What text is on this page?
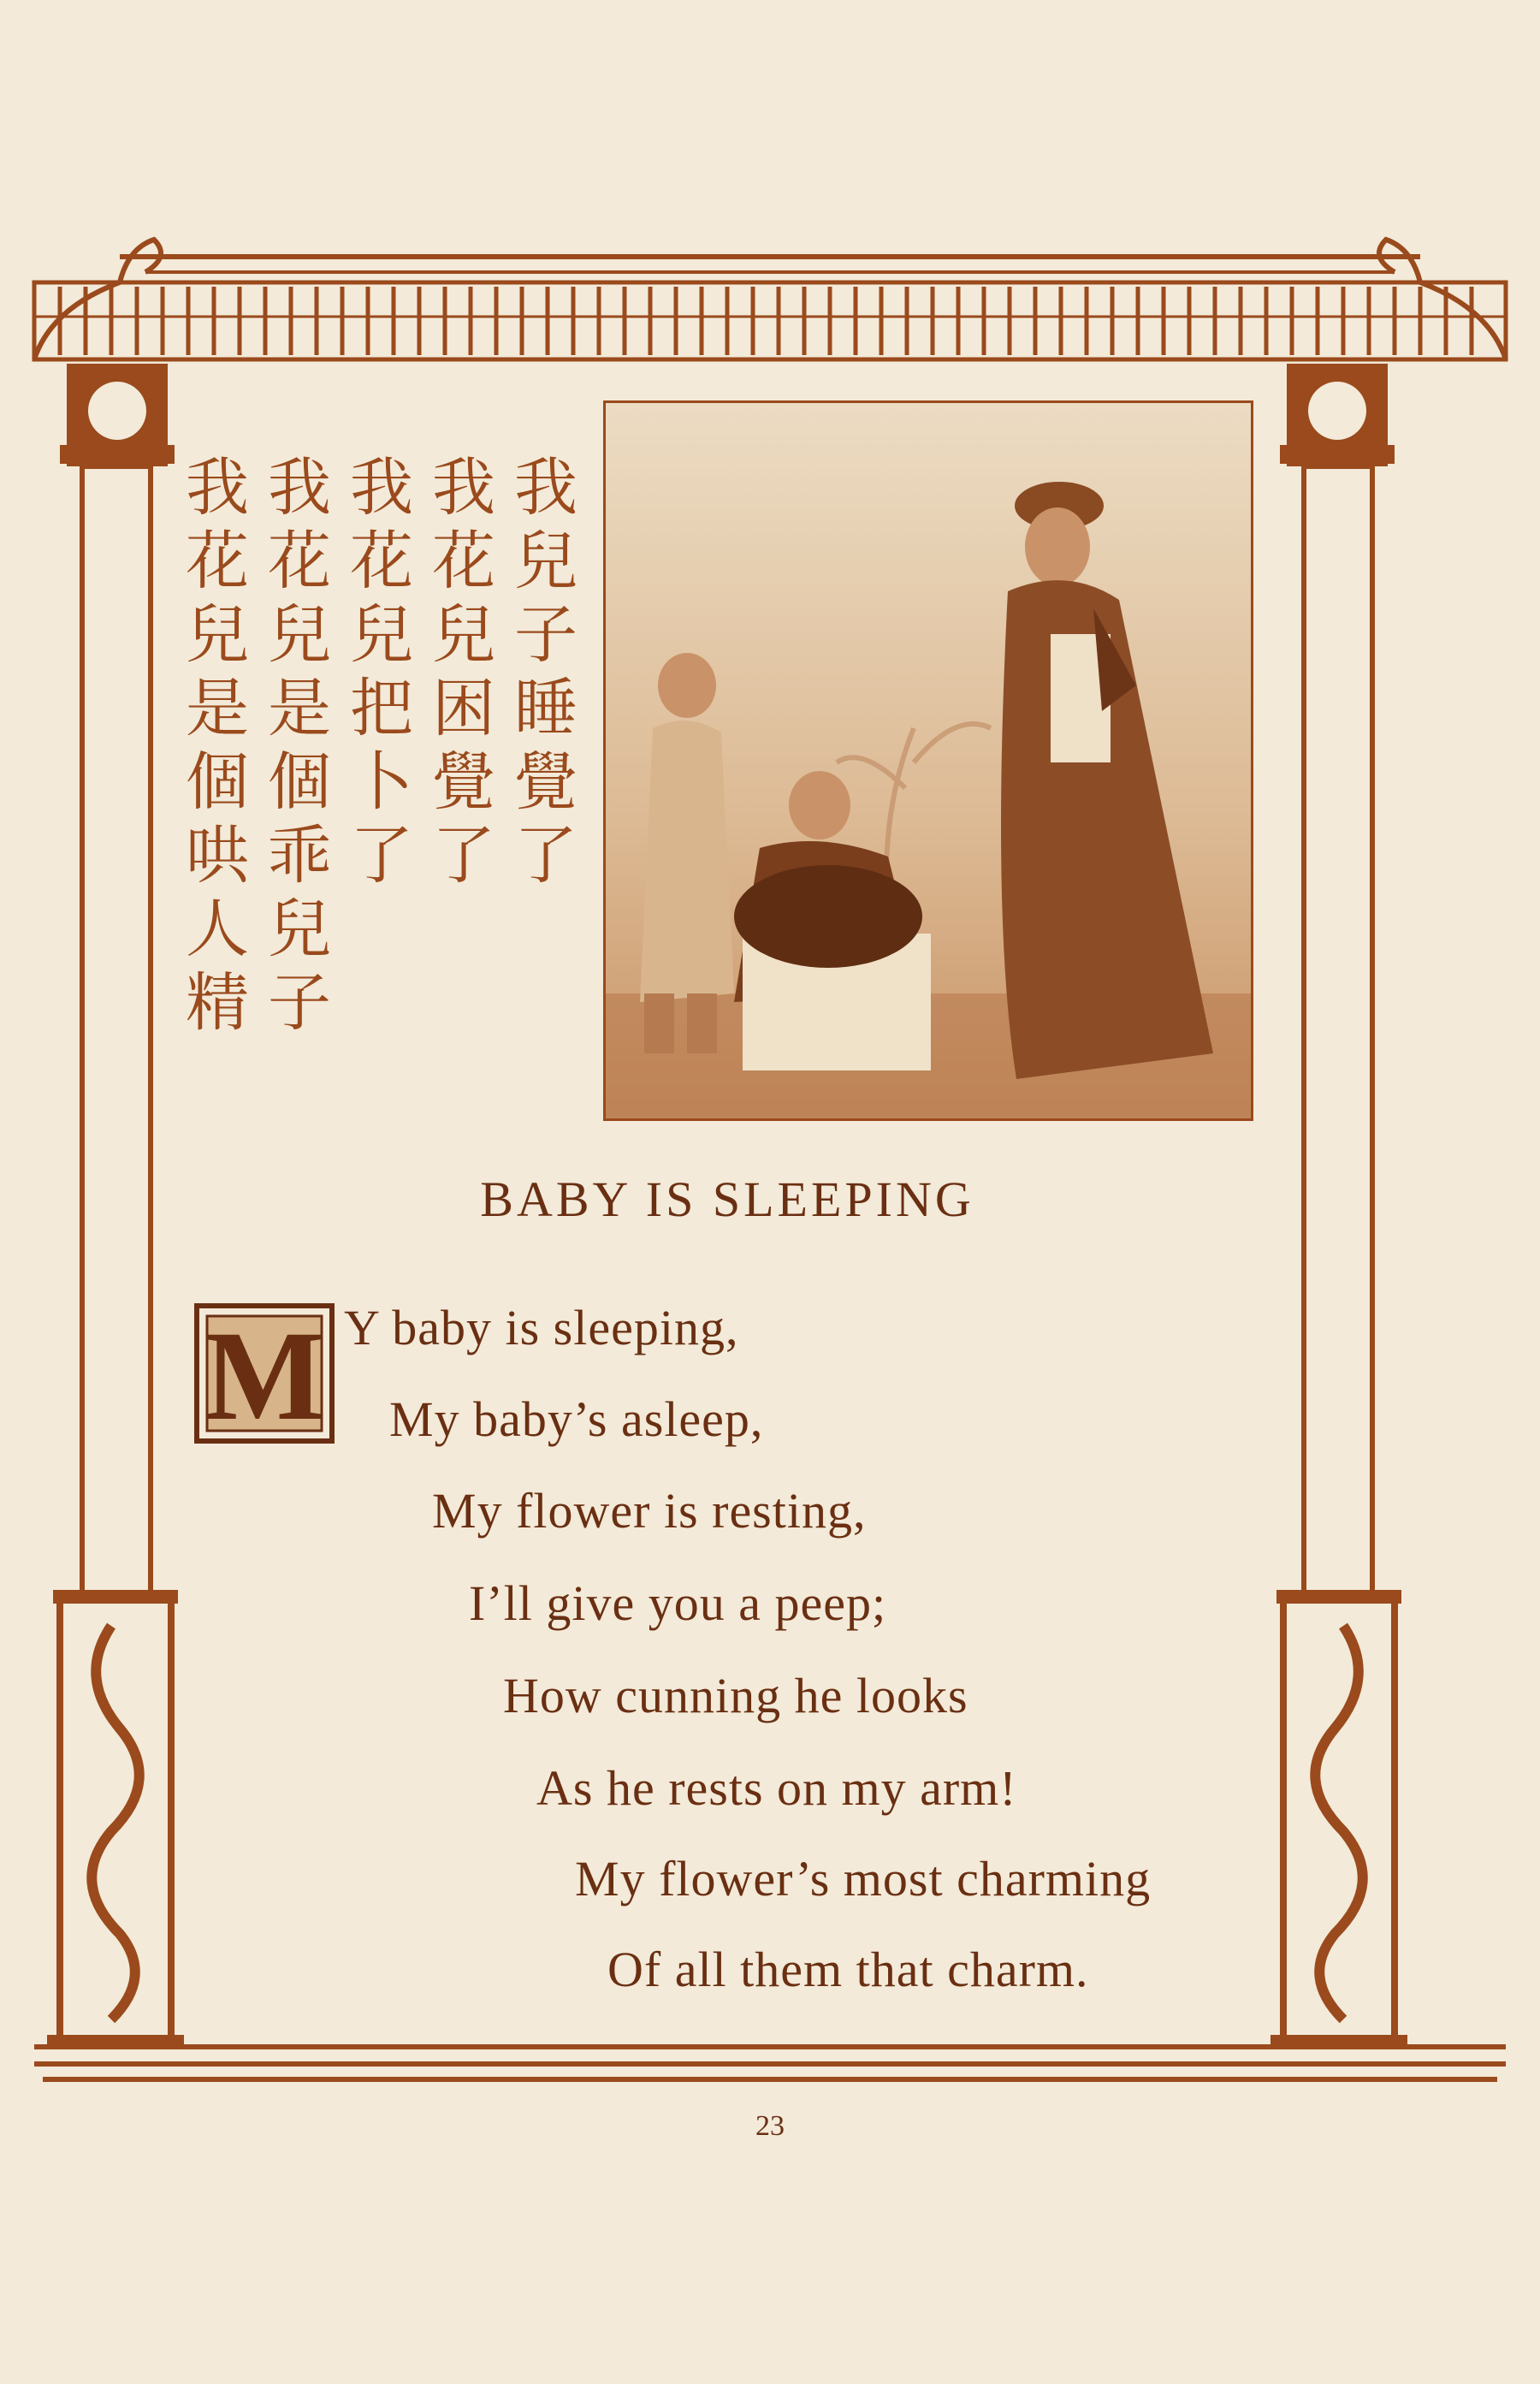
我兒子睡覺了

我花兒困覺了

我花兒把卜了

我花兒是個乖兒子

我花兒是個哄人精

BABY IS SLEEPING
M Y baby is sleeping,
My baby’s asleep,
My flower is resting,
I’ll give you a peep;
How cunning he looks
As he rests on my arm!
My flower’s most charming
Of all them that charm.
23
